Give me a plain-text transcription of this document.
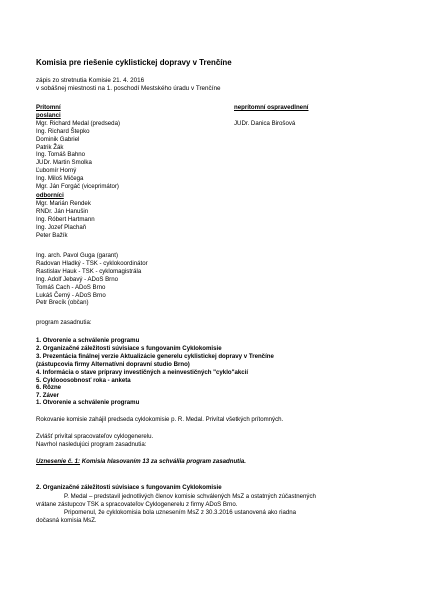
Komisia pre riešenie cyklistickej dopravy v Trenčíne
zápis zo stretnutia Komisie 21. 4. 2016
v sobášnej miestnosti na 1. poschodí Mestského úradu v Trenčíne
Prítomní
poslanci
Mgr. Richard Medal (predseda)
Ing. Richard Štepko
Dominik Gabriel
Patrik Žák
Ing. Tomáš Bahno
JUDr. Martin Smolka
Ľubomír Horný
Ing. Miloš Mičega
Mgr. Ján Forgáč (viceprimátor)
neprítomní ospravedlnení
JUDr. Danica Birošová
odborníci
Mgr. Marián Rendek
RNDr. Ján Hanušin
Ing. Róbert Hartmann
Ing. Jozef Plachaň
Peter Bažík
Ing. arch. Pavol Guga (garant)
Radovan Hladký - TSK - cyklokoordinátor
Rastislav Hauk - TSK - cyklomagistrála
Ing. Adolf Jebavý - ADoS Brno
Tomáš Cach - ADoS Brno
Lukáš Černý - ADoS Brno
Petr Brecík (občan)
program zasadnutia:
1. Otvorenie a schválenie programu
2. Organizačné záležitosti súvisiace s fungovaním Cyklokomisie
3. Prezentácia finálnej verzie Aktualizácie generelu cyklistickej dopravy v Trenčíne
(zástupcovia firmy Alternatívni dopravní studio Brno)
4. Informácia o stave prípravy investičných a neinvestičných "cyklo"akcií
5. Cyklooosobnosť roka - anketa
6. Rôzne
7. Záver
1. Otvorenie a schválenie programu
Rokovanie komisie zahájil predseda cyklokomisie p. R. Medal. Privítal všetkých prítomných.
Zvlášť privítal spracovateľov cyklogenerelu.
Navrhol nasledujúci program zasadnutia:
Uznesenie č. 1: Komisia hlasovaním 13 za schválila program zasadnutia.
2. Organizačné záležitosti súvisiace s fungovaním Cyklokomisie
P. Medal – predstavil jednotlivých členov komisie schválených MsZ a ostatných zúčastnených
vrátane zástupcov TSK a spracovateľov Cyklogenerelu z firmy ADoS Brno.
Pripomenul, že cyklokomisia bola uznesením MsZ z 30.3.2016 ustanovená ako riadna
dočasná komisia MsZ.
